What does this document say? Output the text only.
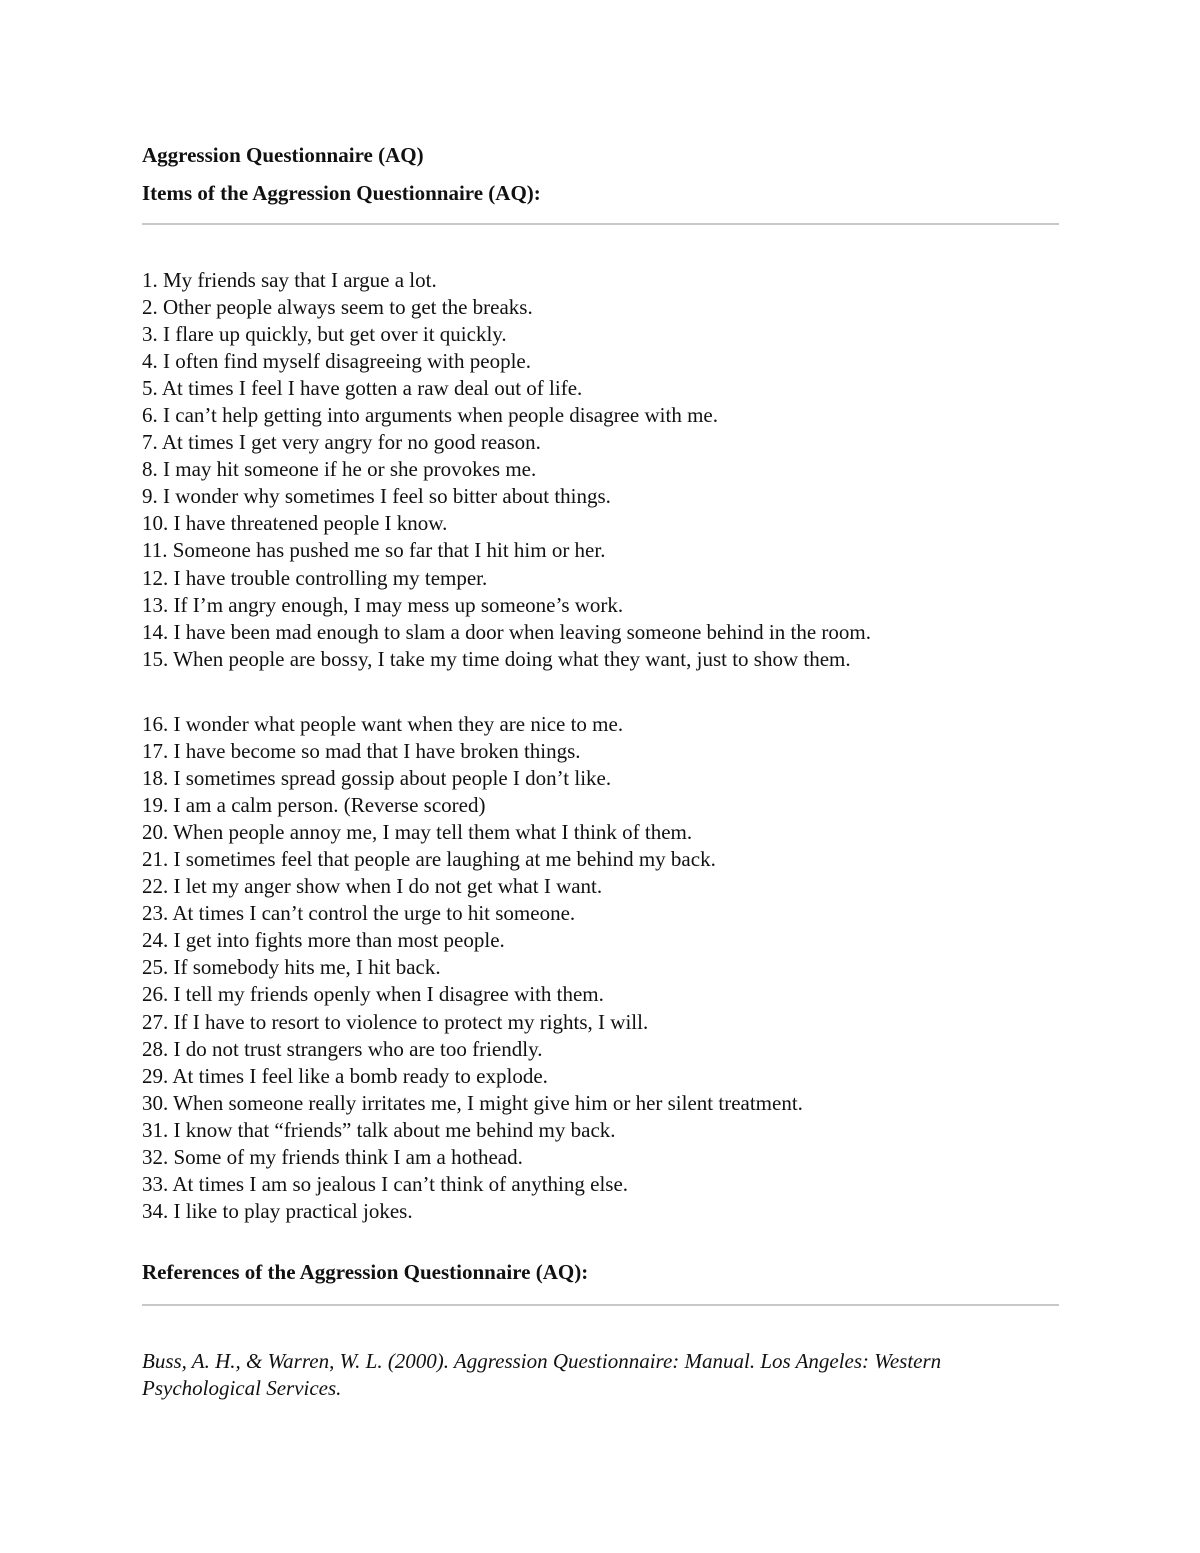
Aggression Questionnaire (AQ)
Items of the Aggression Questionnaire (AQ):
1. My friends say that I argue a lot.
2. Other people always seem to get the breaks.
3. I flare up quickly, but get over it quickly.
4. I often find myself disagreeing with people.
5. At times I feel I have gotten a raw deal out of life.
6. I can’t help getting into arguments when people disagree with me.
7. At times I get very angry for no good reason.
8. I may hit someone if he or she provokes me.
9. I wonder why sometimes I feel so bitter about things.
10. I have threatened people I know.
11. Someone has pushed me so far that I hit him or her.
12. I have trouble controlling my temper.
13. If I’m angry enough, I may mess up someone’s work.
14. I have been mad enough to slam a door when leaving someone behind in the room.
15. When people are bossy, I take my time doing what they want, just to show them.
16. I wonder what people want when they are nice to me.
17. I have become so mad that I have broken things.
18. I sometimes spread gossip about people I don’t like.
19. I am a calm person. (Reverse scored)
20. When people annoy me, I may tell them what I think of them.
21. I sometimes feel that people are laughing at me behind my back.
22. I let my anger show when I do not get what I want.
23. At times I can’t control the urge to hit someone.
24. I get into fights more than most people.
25. If somebody hits me, I hit back.
26. I tell my friends openly when I disagree with them.
27. If I have to resort to violence to protect my rights, I will.
28. I do not trust strangers who are too friendly.
29. At times I feel like a bomb ready to explode.
30. When someone really irritates me, I might give him or her silent treatment.
31. I know that “friends” talk about me behind my back.
32. Some of my friends think I am a hothead.
33. At times I am so jealous I can’t think of anything else.
34. I like to play practical jokes.
References of the Aggression Questionnaire (AQ):

Buss, A. H., & Warren, W. L. (2000). Aggression Questionnaire: Manual. Los Angeles: Western Psychological Services.
